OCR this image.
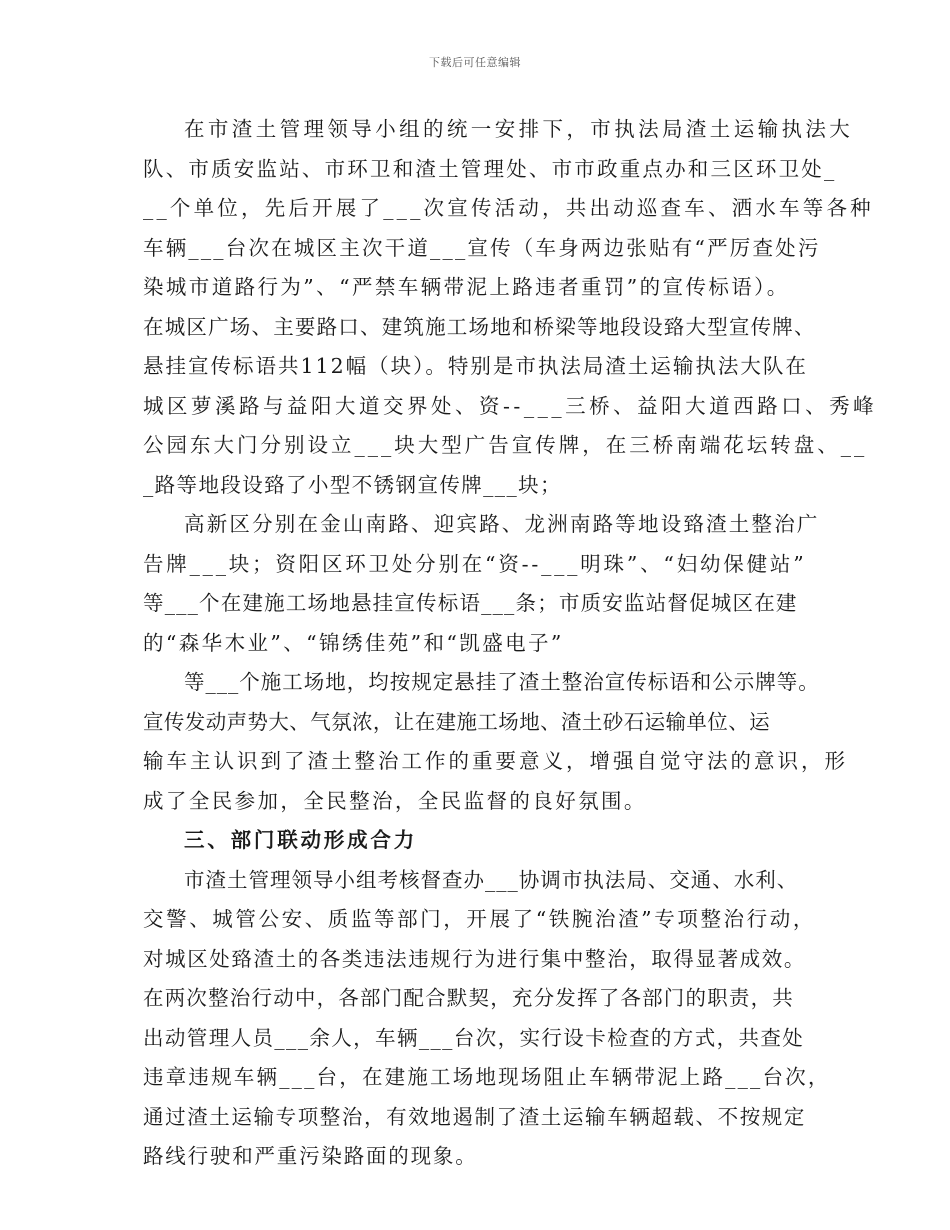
下载后可任意编辑
在市渣土管理领导小组的统一安排下，市执法局渣土运输执法大
队、市质安监站、市环卫和渣土管理处、市市政重点办和三区环卫处_
__个单位，先后开展了___次宣传活动，共出动巡查车、洒水车等各种
车辆___台次在城区主次干道___宣传（车身两边张贴有“严厉查处污
染城市道路行为”、“严禁车辆带泥上路违者重罚”的宣传标语）。
在城区广场、主要路口、建筑施工场地和桥梁等地段设臵大型宣传牌、
悬挂宣传标语共112幅（块）。特别是市执法局渣土运输执法大队在
城区萝溪路与益阳大道交界处、资--___三桥、益阳大道西路口、秀峰
公园东大门分别设立___块大型广告宣传牌，在三桥南端花坛转盘、__
_路等地段设臵了小型不锈钢宣传牌___块；
高新区分别在金山南路、迎宾路、龙洲南路等地设臵渣土整治广
告牌___块；资阳区环卫处分别在“资--___明珠”、“妇幼保健站”
等___个在建施工场地悬挂宣传标语___条；市质安监站督促城区在建
的“森华木业”、“锦绣佳苑”和“凯盛电子”
等___个施工场地，均按规定悬挂了渣土整治宣传标语和公示牌等。
宣传发动声势大、气氛浓，让在建施工场地、渣土砂石运输单位、运
输车主认识到了渣土整治工作的重要意义，增强自觉守法的意识，形
成了全民参加，全民整治，全民监督的良好氛围。
三、部门联动形成合力
市渣土管理领导小组考核督查办___协调市执法局、交通、水利、
交警、城管公安、质监等部门，开展了“铁腕治渣”专项整治行动，
对城区处臵渣土的各类违法违规行为进行集中整治，取得显著成效。
在两次整治行动中，各部门配合默契，充分发挥了各部门的职责，共
出动管理人员___余人，车辆___台次，实行设卡检查的方式，共查处
违章违规车辆___台，在建施工场地现场阻止车辆带泥上路___台次，
通过渣土运输专项整治，有效地遏制了渣土运输车辆超载、不按规定
路线行驶和严重污染路面的现象。
